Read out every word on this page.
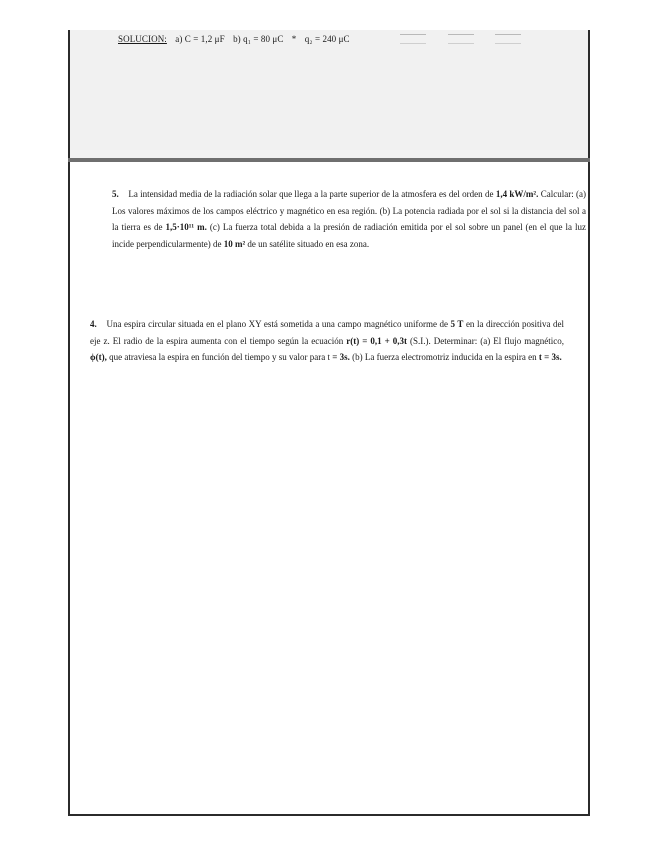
SOLUCION: a) C = 1,2 μF b) q₁ = 80 μC * q₂ = 240 μC
5. La intensidad media de la radiación solar que llega a la parte superior de la atmosfera es del orden de 1,4 kW/m². Calcular: (a) Los valores máximos de los campos eléctrico y magnético en esa región. (b) La potencia radiada por el sol si la distancia del sol a la tierra es de 1,5·10¹¹ m. (c) La fuerza total debida a la presión de radiación emitida por el sol sobre un panel (en el que la luz incide perpendicularmente) de 10 m² de un satélite situado en esa zona.
4. Una espira circular situada en el plano XY está sometida a una campo magnético uniforme de 5 T en la dirección positiva del eje z. El radio de la espira aumenta con el tiempo según la ecuación r(t) = 0,1 + 0,3t (S.I.). Determinar: (a) El flujo magnético, ϕ(t), que atraviesa la espira en función del tiempo y su valor para t = 3s. (b) La fuerza electromotriz inducida en la espira en t = 3s.
